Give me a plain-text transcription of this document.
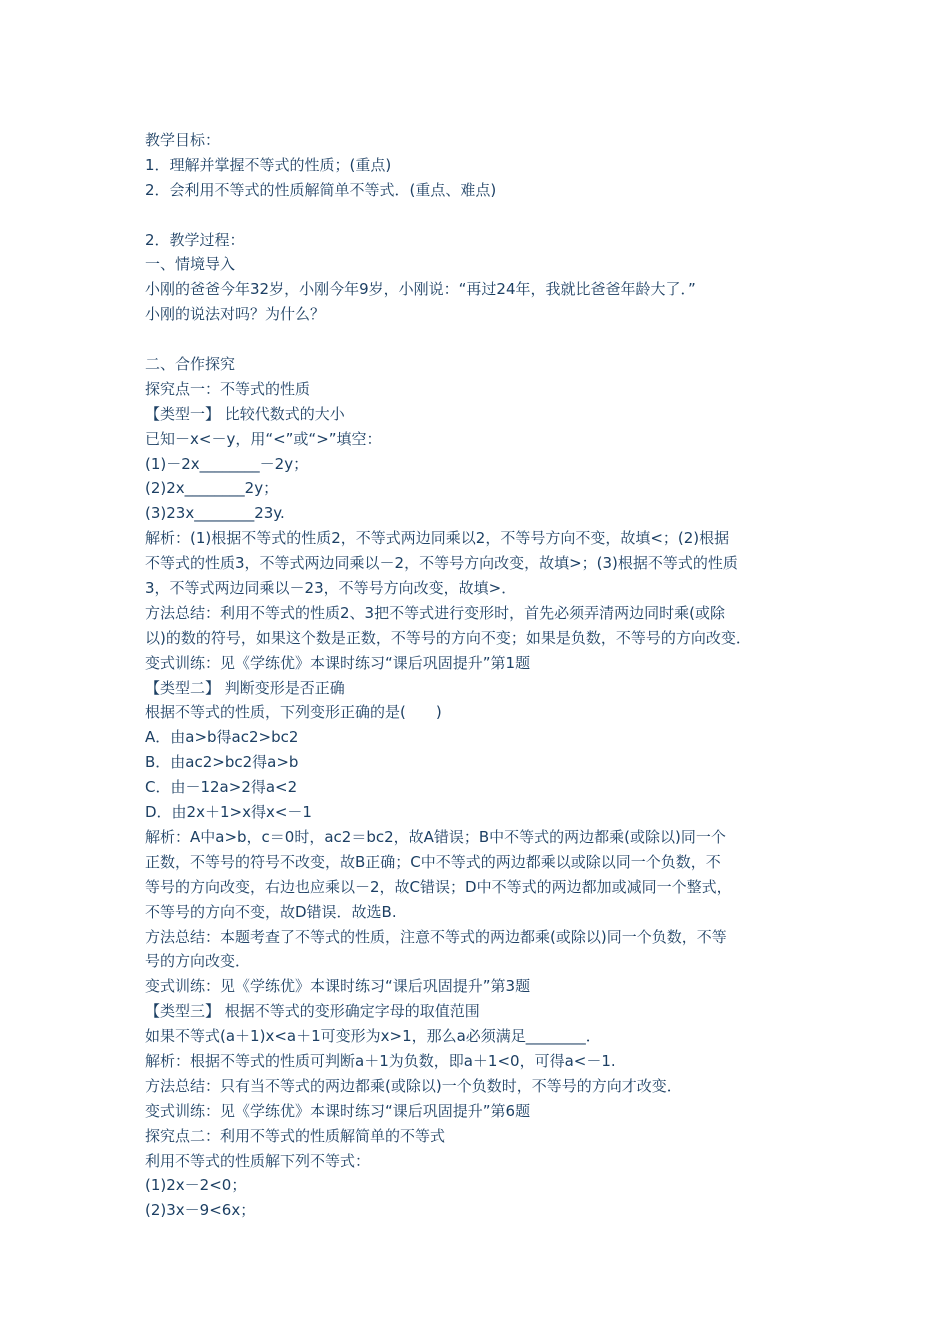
教学目标：
1．理解并掌握不等式的性质；(重点)
2．会利用不等式的性质解简单不等式．(重点、难点)
2．教学过程：
一、情境导入
小刚的爸爸今年32岁，小刚今年9岁，小刚说：“再过24年，我就比爸爸年龄大了．”
小刚的说法对吗？为什么？
二、合作探究
探究点一：不等式的性质
【类型一】 比较代数式的大小
已知－x<－y，用“<”或“>”填空：
(1)－2x________－2y；
(2)2x________2y；
(3)23x________23y.
解析：(1)根据不等式的性质2，不等式两边同乘以2，不等号方向不变，故填<；(2)根据
不等式的性质3，不等式两边同乘以－2，不等号方向改变，故填>；(3)根据不等式的性质
3，不等式两边同乘以－23，不等号方向改变，故填>．
方法总结：利用不等式的性质2、3把不等式进行变形时，首先必须弄清两边同时乘(或除
以)的数的符号，如果这个数是正数，不等号的方向不变；如果是负数，不等号的方向改变．
变式训练：见《学练优》本课时练习“课后巩固提升”第1题
【类型二】 判断变形是否正确
根据不等式的性质，下列变形正确的是(　　)
A．由a>b得ac2>bc2
B．由ac2>bc2得a>b
C．由－12a>2得a<2
D．由2x＋1>x得x<－1
解析：A中a>b，c＝0时，ac2＝bc2，故A错误；B中不等式的两边都乘(或除以)同一个
正数，不等号的符号不改变，故B正确；C中不等式的两边都乘以或除以同一个负数，不
等号的方向改变，右边也应乘以－2，故C错误；D中不等式的两边都加或减同一个整式，
不等号的方向不变，故D错误．故选B.
方法总结：本题考查了不等式的性质，注意不等式的两边都乘(或除以)同一个负数，不等
号的方向改变．
变式训练：见《学练优》本课时练习“课后巩固提升”第3题
【类型三】 根据不等式的变形确定字母的取值范围
如果不等式(a＋1)x<a＋1可变形为x>1，那么a必须满足________．
解析：根据不等式的性质可判断a＋1为负数，即a＋1<0，可得a<－1.
方法总结：只有当不等式的两边都乘(或除以)一个负数时，不等号的方向才改变．
变式训练：见《学练优》本课时练习“课后巩固提升”第6题
探究点二：利用不等式的性质解简单的不等式
利用不等式的性质解下列不等式：
(1)2x－2<0；
(2)3x－9<6x；
